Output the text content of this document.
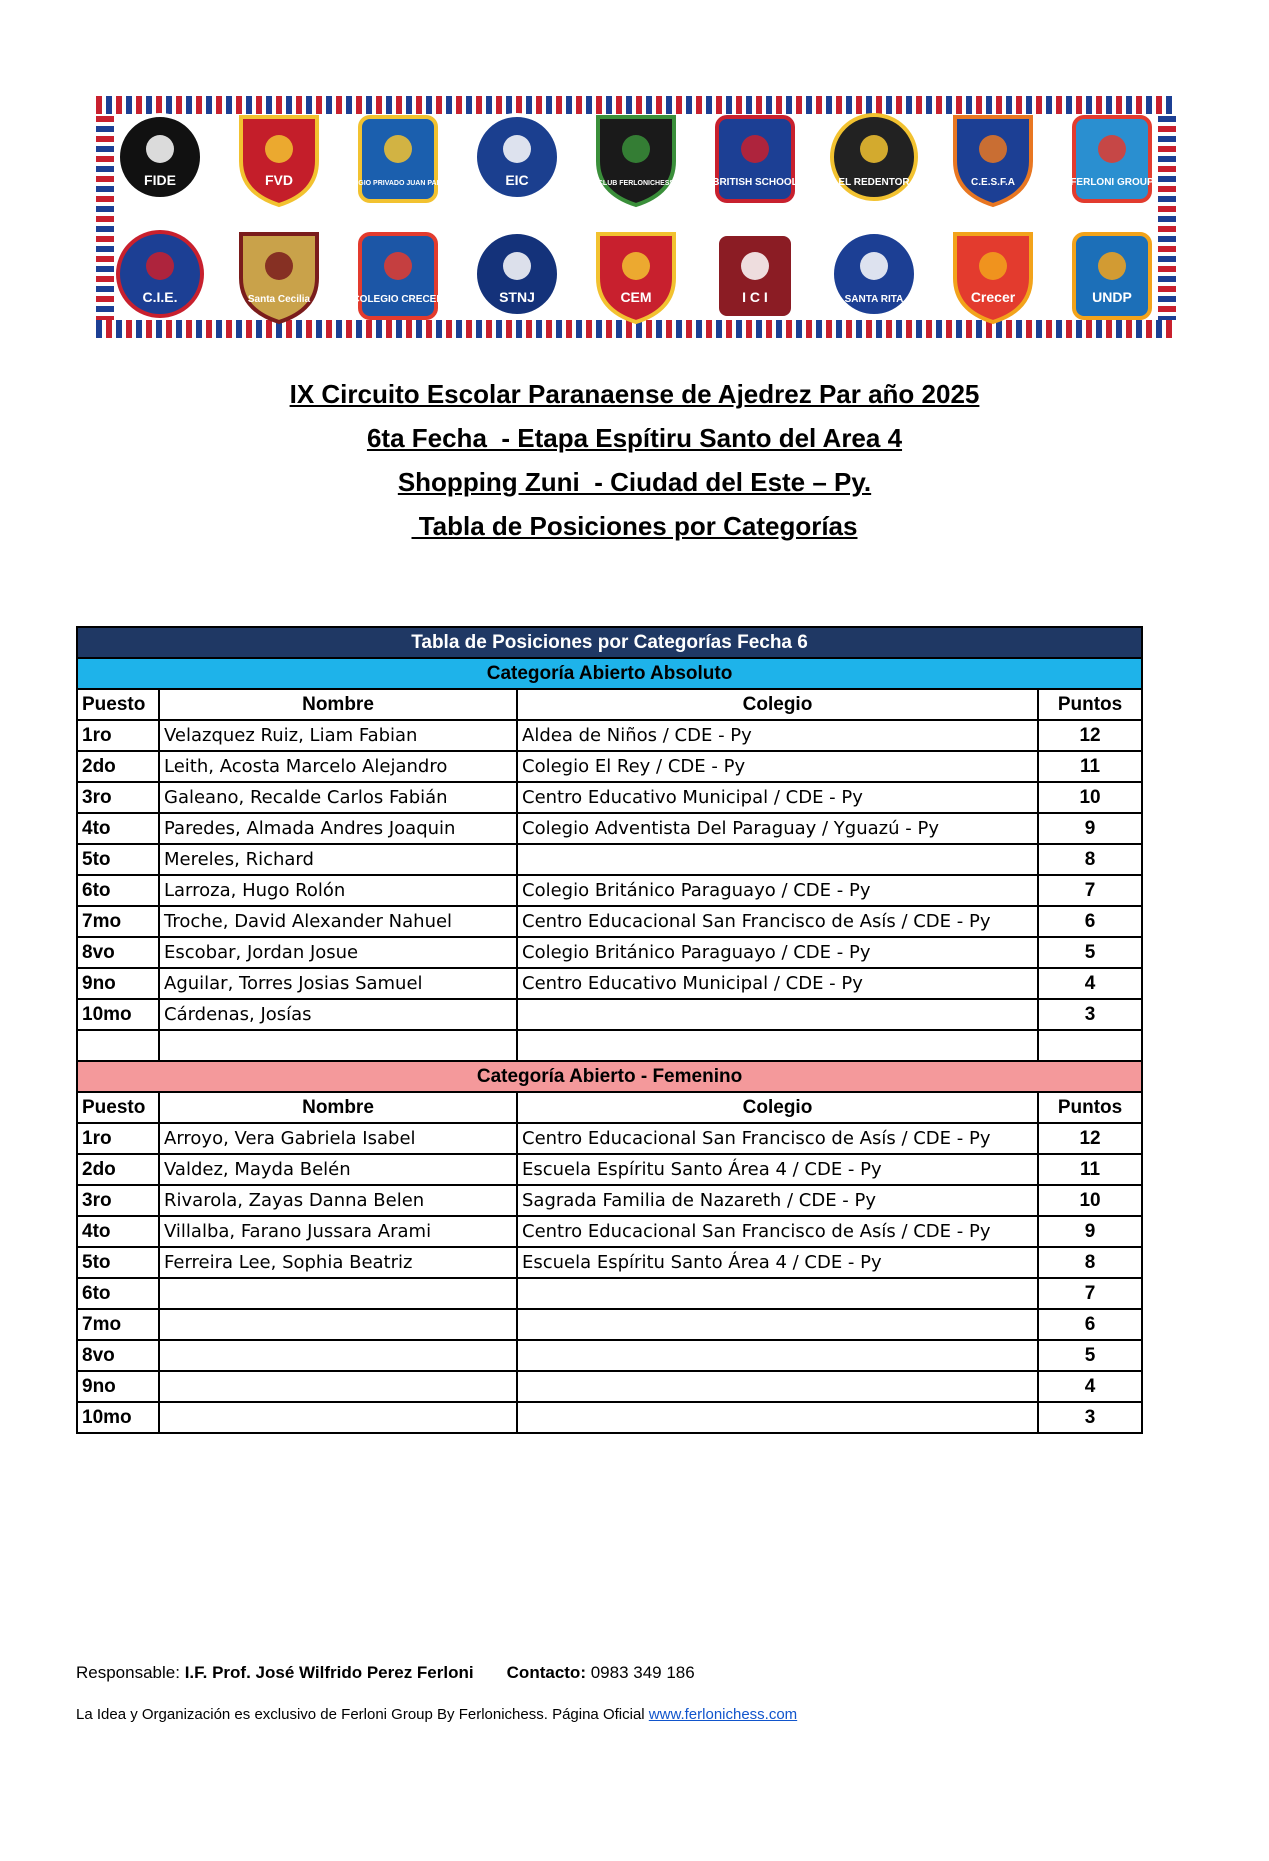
FIDE	FVD	COLEGIO PRIVADO JUAN PABLO II	EIC	CLUB FERLONICHESS	BRITISH SCHOOL	EL REDENTOR	C.E.S.F.A	FERLONI GROUP
C.I.E.	Santa Cecilia	COLEGIO CRECER	STNJ	CEM	I C I	SANTA RITA	Crecer	UNDP
IX Circuito Escolar Paranaense de Ajedrez Par año 2025
6ta Fecha  - Etapa Espítiru Santo del Area 4
Shopping Zuni  - Ciudad del Este – Py.
Tabla de Posiciones por Categorías
Tabla de Posiciones por Categorías Fecha 6			
Categoría Abierto Absoluto			
Puesto	Nombre	Colegio	Puntos
1ro	Velazquez Ruiz, Liam Fabian	Aldea de Niños / CDE - Py	12
2do	Leith, Acosta Marcelo Alejandro	Colegio El Rey / CDE - Py	11
3ro	Galeano, Recalde Carlos Fabián	Centro Educativo Municipal / CDE - Py	10
4to	Paredes, Almada Andres Joaquin	Colegio Adventista Del Paraguay / Yguazú - Py	9
5to	Mereles, Richard		8
6to	Larroza, Hugo Rolón	Colegio Británico Paraguayo / CDE - Py	7
7mo	Troche, David Alexander Nahuel	Centro Educacional San Francisco de Asís / CDE - Py	6
8vo	Escobar, Jordan Josue	Colegio Británico Paraguayo / CDE - Py	5
9no	Aguilar, Torres Josias Samuel	Centro Educativo Municipal / CDE - Py	4
10mo	Cárdenas, Josías		3

Categoría Abierto - Femenino			
Puesto	Nombre	Colegio	Puntos
1ro	Arroyo, Vera Gabriela Isabel	Centro Educacional San Francisco de Asís / CDE - Py	12
2do	Valdez, Mayda Belén	Escuela Espíritu Santo Área 4 / CDE - Py	11
3ro	Rivarola, Zayas Danna Belen	Sagrada Familia de Nazareth / CDE - Py	10
4to	Villalba, Farano Jussara Arami	Centro Educacional San Francisco de Asís / CDE - Py	9
5to	Ferreira Lee, Sophia Beatriz	Escuela Espíritu Santo Área 4 / CDE - Py	8
6to			7
7mo			6
8vo			5
9no			4
10mo			3
Responsable: I.F. Prof. José Wilfrido Perez Ferloni Contacto: 0983 349 186
La Idea y Organización es exclusivo de Ferloni Group By Ferlonichess. Página Oficial www.ferlonichess.com
